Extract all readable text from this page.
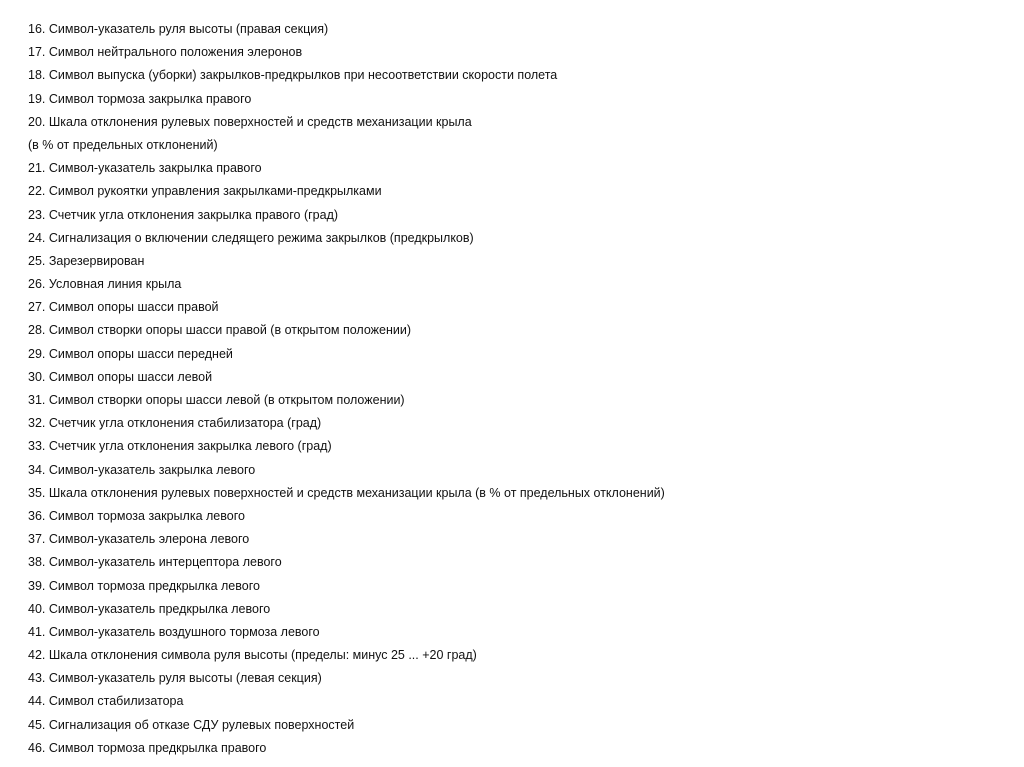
16. Символ-указатель руля высоты (правая секция)
17. Символ нейтрального положения элеронов
18. Символ выпуска (уборки) закрылков-предкрылков при несоответствии скорости полета
19. Символ тормоза закрылка правого
20. Шкала отклонения рулевых поверхностей и средств механизации крыла
(в % от предельных отклонений)
21. Символ-указатель закрылка правого
22. Символ рукоятки управления закрылками-предкрылками
23. Счетчик угла отклонения закрылка правого (град)
24. Сигнализация о включении следящего режима закрылков (предкрылков)
25. Зарезервирован
26. Условная линия крыла
27. Символ опоры шасси правой
28. Символ створки опоры шасси правой (в открытом положении)
29. Символ опоры шасси передней
30. Символ опоры шасси левой
31. Символ створки опоры шасси левой (в открытом положении)
32. Счетчик угла отклонения стабилизатора (град)
33. Счетчик угла отклонения закрылка левого (град)
34. Символ-указатель закрылка левого
35. Шкала отклонения рулевых поверхностей и средств механизации крыла (в % от предельных отклонений)
36. Символ тормоза закрылка левого
37. Символ-указатель элерона левого
38. Символ-указатель интерцептора левого
39. Символ тормоза предкрылка левого
40. Символ-указатель предкрылка левого
41. Символ-указатель воздушного тормоза левого
42. Шкала отклонения символа руля высоты (пределы: минус 25 ... +20 град)
43. Символ-указатель руля высоты (левая секция)
44. Символ стабилизатора
45. Сигнализация об отказе СДУ рулевых поверхностей
46. Символ тормоза предкрылка правого
